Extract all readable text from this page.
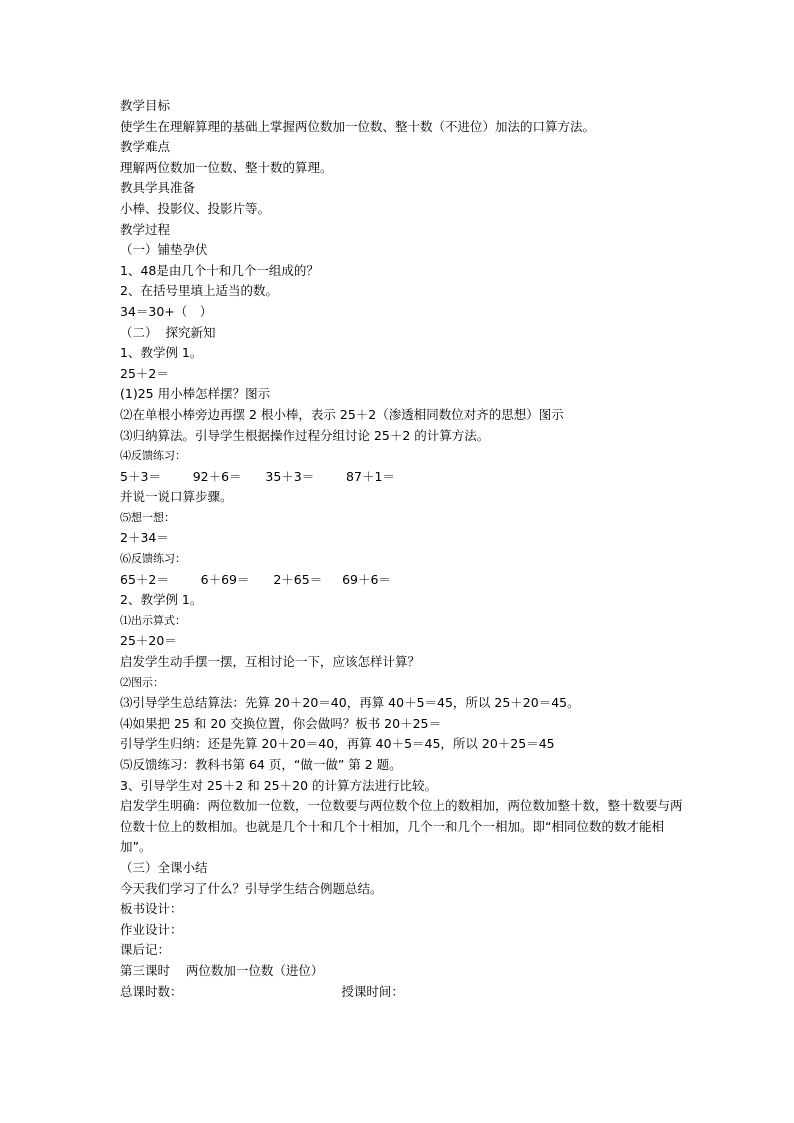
教学目标
使学生在理解算理的基础上掌握两位数加一位数、整十数（不进位）加法的口算方法。
教学难点
理解两位数加一位数、整十数的算理。
教具学具准备
小棒、投影仪、投影片等。
教学过程
（一）铺垫孕伏
1、48是由几个十和几个一组成的？
2、在括号里填上适当的数。
34＝30+（　）
（二）  探究新知
1、教学例 1。
25＋2＝
(1)25 用小棒怎样摆？图示
⑵在单根小棒旁边再摆 2 根小棒，表示 25＋2（渗透相同数位对齐的思想）图示
⑶归纳算法。引导学生根据操作过程分组讨论 25＋2 的计算方法。
⑷反馈练习：
5＋3＝        92＋6＝      35＋3＝        87＋1＝
并说一说口算步骤。
⑸想一想：
2＋34＝
⑹反馈练习：
65＋2＝        6＋69＝      2＋65＝     69＋6＝
2、教学例 1。
⑴出示算式：
25＋20＝
启发学生动手摆一摆，互相讨论一下，应该怎样计算？
⑵图示：
⑶引导学生总结算法：先算 20＋20＝40，再算 40＋5＝45，所以 25＋20＝45。
⑷如果把 25 和 20 交换位置，你会做吗？板书 20＋25＝
引导学生归纳：还是先算 20＋20＝40，再算 40＋5＝45，所以 20＋25＝45
⑸反馈练习：教科书第 64 页，“做一做” 第 2 题。
3、引导学生对 25＋2 和 25＋20 的计算方法进行比较。
启发学生明确：两位数加一位数，一位数要与两位数个位上的数相加，两位数加整十数，整十数要与两位数十位上的数相加。也就是几个十和几个十相加，几个一和几个一相加。即“相同位数的数才能相加”。
（三）全课小结
今天我们学习了什么？引导学生结合例题总结。
板书设计：
作业设计：
课后记：
第三课时    两位数加一位数（进位）
总课时数：                                        授课时间：
